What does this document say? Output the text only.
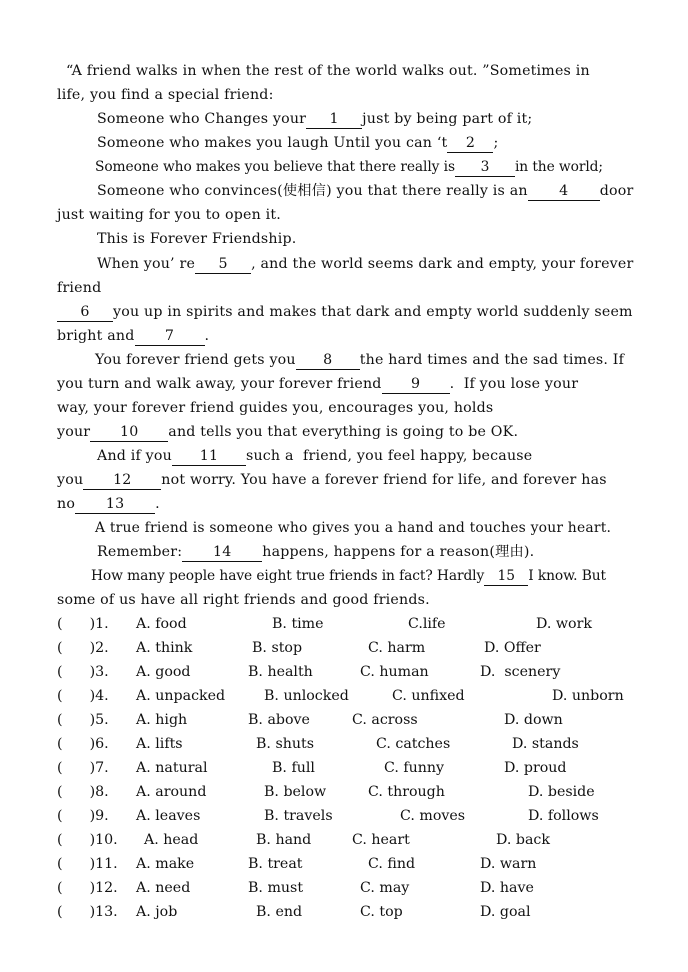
“A friend walks in when the rest of the world walks out. ”Sometimes in
life, you find a special friend:
Someone who Changes your 1 just by being part of it;
Someone who makes you laugh Until you can ‘t 2 ;
Someone who makes you believe that there really is 3 in the world;
Someone who convinces(使相信) you that there really is an 4 door
just waiting for you to open it.
This is Forever Friendship.
When you’ re 5 , and the world seems dark and empty, your forever
friend
6 you up in spirits and makes that dark and empty world suddenly seem
bright and 7 .
You forever friend gets you 8 the hard times and the sad times. If
you turn and walk away, your forever friend 9 .  If you lose your
way, your forever friend guides you, encourages you, holds
your 10 and tells you that everything is going to be OK.
And if you 11 such a  friend, you feel happy, because
you 12 not worry. You have a forever friend for life, and forever has
no 13 .
A true friend is someone who gives you a hand and touches your heart.
Remember: 14 happens, happens for a reason(理由).
How many people have eight true friends in fact? Hardly 15 I know. But
some of us have all right friends and good friends.
(      )1. A. food	B. time	C.life	D. work
(      )2. A. think	B. stop	C. harm	D. Offer
(      )3. A. good	B. health	C. human	D.  scenery
(      )4. A. unpacked	B. unlocked	C. unfixed	D. unborn
(      )5. A. high	B. above	C. across	D. down
(      )6. A. lifts	B. shuts	C. catches	D. stands
(      )7. A. natural	B. full	C. funny	D. proud
(      )8. A. around	B. below	C. through	D. beside
(      )9. A. leaves	B. travels	C. moves	D. follows
(      )10. A. head	B. hand	C. heart	D. back
(      )11. A. make	B. treat	C. find	D. warn
(      )12. A. need	B. must	C. may	D. have
(      )13. A. job	B. end	C. top	D. goal
